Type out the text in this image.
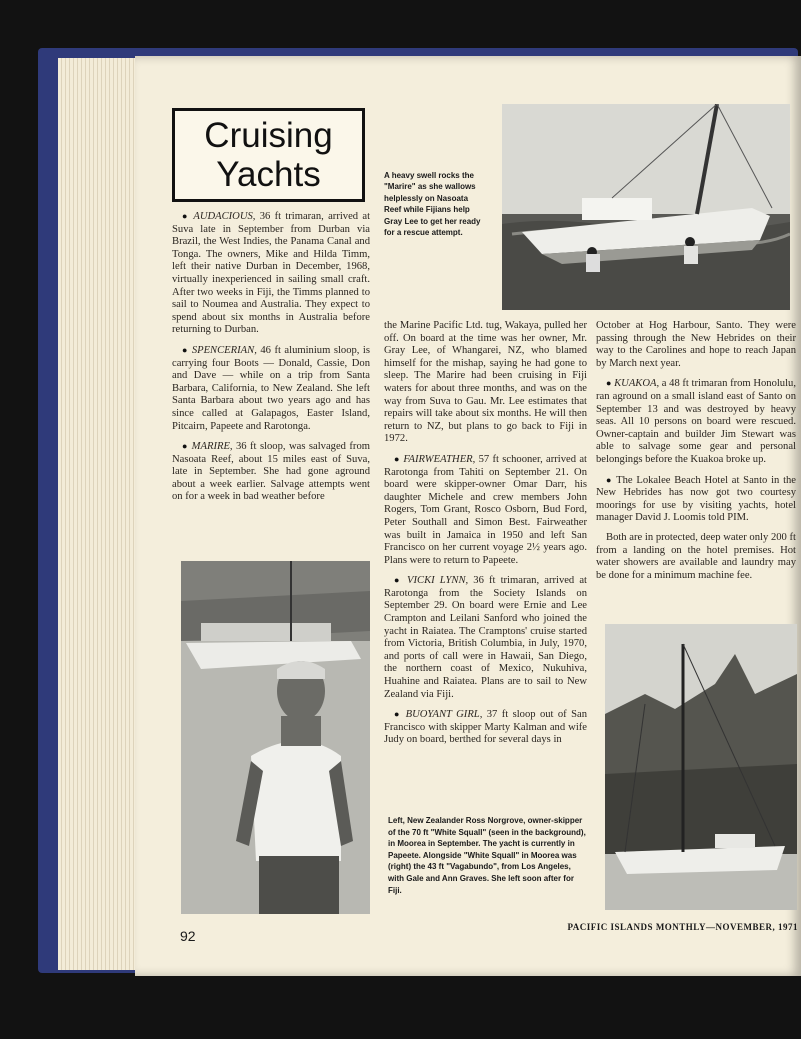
Cruising
Yachts	A heavy swell rocks the "Marire" as she wallows helplessly on Nasoata Reef while Fijians help Gray Lee to get her ready for a rescue attempt.

● AUDACIOUS, 36 ft trimaran, arrived at Suva late in September from Durban via Brazil, the West Indies, the Panama Canal and Tonga. The owners, Mike and Hilda Timm, left their native Durban in December, 1968, virtually inexperienced in sailing small craft. After two weeks in Fiji, the Timms planned to sail to Noumea and Australia. They expect to spend about six months in Australia before returning to Durban.

● SPENCERIAN, 46 ft aluminium sloop, is carrying four Boots — Donald, Cassie, Don and Dave — while on a trip from Santa Barbara, California, to New Zealand. She left Santa Barbara about two years ago and has since called at Galapagos, Easter Island, Pitcairn, Papeete and Rarotonga.

● MARIRE, 36 ft sloop, was salvaged from Nasoata Reef, about 15 miles east of Suva, late in September. She had gone aground about a week earlier. Salvage attempts went on for a week in bad weather before

the Marine Pacific Ltd. tug, Wakaya, pulled her off. On board at the time was her owner, Mr. Gray Lee, of Whangarei, NZ, who blamed himself for the mishap, saying he had gone to sleep. The Marire had been cruising in Fiji waters for about three months, and was on the way from Suva to Gau. Mr. Lee estimates that repairs will take about six months. He will then return to NZ, but plans to go back to Fiji in 1972.

● FAIRWEATHER, 57 ft schooner, arrived at Rarotonga from Tahiti on September 21. On board were skipper-owner Omar Darr, his daughter Michele and crew members John Rogers, Tom Grant, Rosco Osborn, Bud Ford, Peter Southall and Simon Best. Fairweather was built in Jamaica in 1950 and left San Francisco on her current voyage 2½ years ago. Plans were to return to Papeete.

● VICKI LYNN, 36 ft trimaran, arrived at Rarotonga from the Society Islands on September 29. On board were Ernie and Lee Crampton and Leilani Sanford who joined the yacht in Raiatea. The Cramptons' cruise started from Victoria, British Columbia, in July, 1970, and ports of call were in Hawaii, San Diego, the northern coast of Mexico, Nukuhiva, Huahine and Raiatea. Plans are to sail to New Zealand via Fiji.

● BUOYANT GIRL, 37 ft sloop out of San Francisco with skipper Marty Kalman and wife Judy on board, berthed for several days in

Left, New Zealander Ross Norgrove, owner-skipper of the 70 ft "White Squall" (seen in the background), in Moorea in September. The yacht is currently in Papeete. Alongside "White Squall" in Moorea was (right) the 43 ft "Vagabundo", from Los Angeles, with Gale and Ann Graves. She left soon after for Fiji.

October at Hog Harbour, Santo. They were passing through the New Hebrides on their way to the Carolines and hope to reach Japan by March next year.

● KUAKOA, a 48 ft trimaran from Honolulu, ran aground on a small island east of Santo on September 13 and was destroyed by heavy seas. All 10 persons on board were rescued. Owner-captain and builder Jim Stewart was able to salvage some gear and personal belongings before the Kuakoa broke up.

● The Lokalee Beach Hotel at Santo in the New Hebrides has now got two courtesy moorings for use by visiting yachts, hotel manager David J. Loomis told PIM.

Both are in protected, deep water only 200 ft from a landing on the hotel premises. Hot water showers are available and laundry may be done for a minimum machine fee.

92
PACIFIC ISLANDS MONTHLY—NOVEMBER, 1971
